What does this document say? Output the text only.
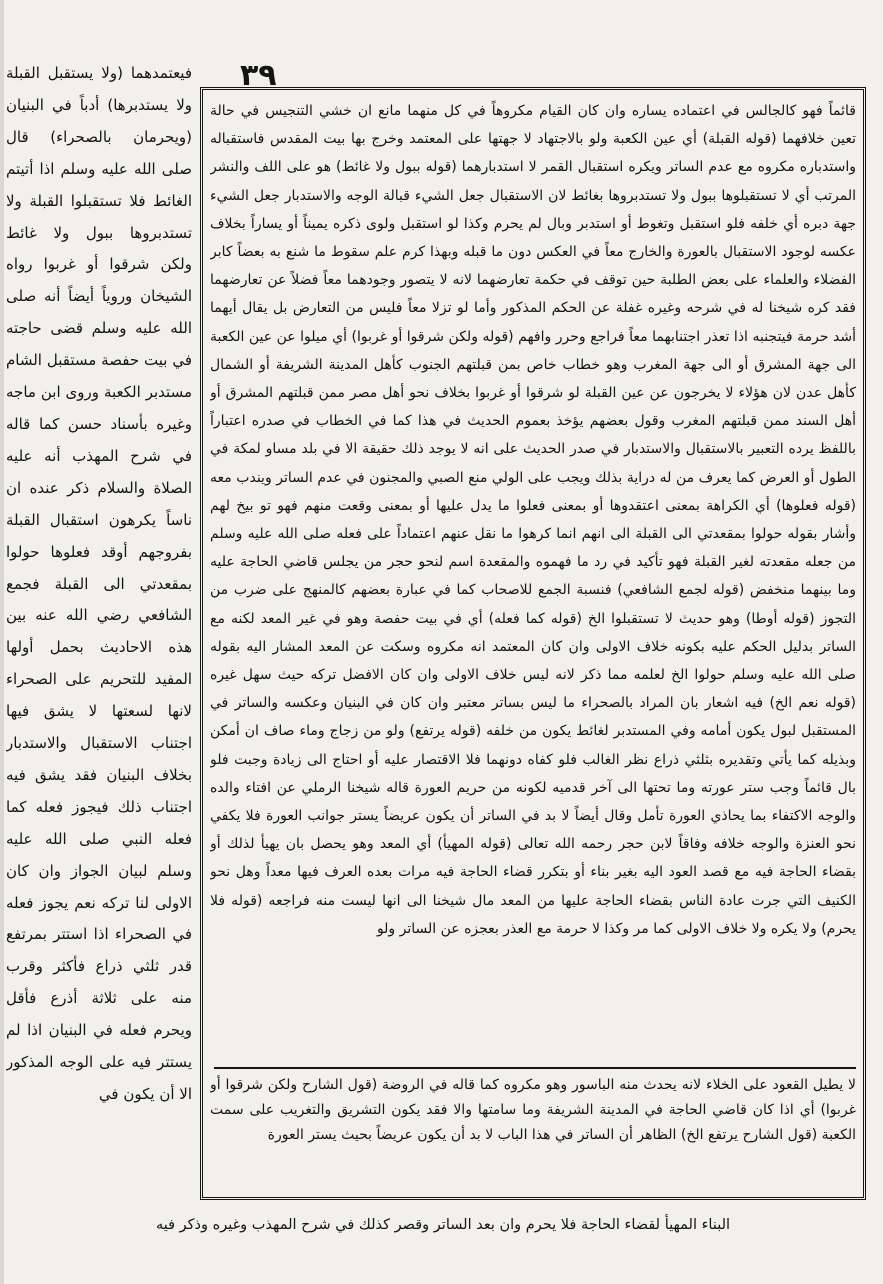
٣٩
قائماً فهو كالجالس في اعتماده يساره وان كان القيام مكروهاً في كل منهما مانع ان خشي التنجيس في حالة تعين خلافهما (قوله القبلة) أي عين الكعبة ولو بالاجتهاد لا جهتها على المعتمد وخرج بها بيت المقدس فاستقباله واستدباره مكروه مع عدم الساتر ويكره استقبال القمر لا استدبارهما (قوله ببول ولا غائط) هو على اللف والنشر المرتب أي لا تستقبلوها ببول ولا تستدبروها بغائط لان الاستقبال جعل الشيء قبالة الوجه والاستدبار جعل الشيء جهة دبره أي خلفه فلو استقبل وتغوط أو استدبر وبال لم يحرم وكذا لو استقبل ولوى ذكره يميناً أو يساراً بخلاف عكسه لوجود الاستقبال بالعورة والخارج معاً في العكس دون ما قبله وبهذا كرم علم سقوط ما شنع به بعضاً كابر الفضلاء والعلماء على بعض الطلبة حين توقف في حكمة تعارضهما لانه لا يتصور وجودهما معاً فضلاً عن تعارضهما فقد كره شيخنا له في شرحه وغيره غفلة عن الحكم المذكور وأما لو تزلا معاً فليس من التعارض بل يقال أيهما أشد حرمة فيتجنبه اذا تعذر اجتنابهما معاً فراجع وحرر وافهم (قوله ولكن شرقوا أو غربوا) أي ميلوا عن عين الكعبة الى جهة المشرق أو الى جهة المغرب وهو خطاب خاص بمن قبلتهم الجنوب كأهل المدينة الشريفة أو الشمال كأهل عدن لان هؤلاء لا يخرجون عن عين القبلة لو شرقوا أو غربوا بخلاف نحو أهل مصر ممن قبلتهم المشرق أو أهل السند ممن قبلتهم المغرب وقول بعضهم يؤخذ بعموم الحديث في هذا كما في الخطاب في صدره اعتباراً باللفظ يرده التعبير بالاستقبال والاستدبار في صدر الحديث على انه لا يوجد ذلك حقيقة الا في بلد مساو لمكة في الطول أو العرض كما يعرف من له دراية بذلك ويجب على الولي منع الصبي والمجنون في عدم الساتر ويندب معه (قوله فعلوها) أي الكراهة بمعنى اعتقدوها أو بمعنى فعلوا ما يدل عليها أو بمعنى وقعت منهم فهو تو بيخ لهم وأشار بقوله حولوا بمقعدتي الى القبلة الى انهم انما كرهوا ما نقل عنهم اعتماداً على فعله صلى الله عليه وسلم من جعله مقعدته لغير القبلة فهو تأكيد في رد ما فهموه والمقعدة اسم لنحو حجر من يجلس قاضي الحاجة عليه وما بينهما منخفض (قوله لجمع الشافعي) فنسبة الجمع للاصحاب كما في عبارة بعضهم كالمنهج على ضرب من التجوز (قوله أوطا) وهو حديث لا تستقبلوا الخ (قوله كما فعله) أي في بيت حفصة وهو في غير المعد لكنه مع الساتر بدليل الحكم عليه بكونه خلاف الاولى وان كان المعتمد انه مكروه وسكت عن المعد المشار اليه بقوله صلى الله عليه وسلم حولوا الخ لعلمه مما ذكر لانه ليس خلاف الاولى وان كان الافضل تركه حيث سهل غيره (قوله نعم الخ) فيه اشعار بان المراد بالصحراء ما ليس بساتر معتبر وان كان في البنيان وعكسه والساتر في المستقبل لبول يكون أمامه وفي المستدبر لغائط يكون من خلفه (قوله يرتفع) ولو من زجاج وماء صاف ان أمكن وبذيله كما يأتي وتقديره بثلثي ذراع نظر الغالب فلو كفاه دونهما فلا الاقتصار عليه أو احتاج الى زيادة وجبت فلو بال قائماً وجب ستر عورته وما تحتها الى آخر قدميه لكونه من حريم العورة قاله شيخنا الرملي عن افتاء والده والوجه الاكتفاء بما يحاذي العورة تأمل وقال أيضاً لا بد في الساتر أن يكون عريضاً يستر جوانب العورة فلا يكفي نحو العنزة والوجه خلافه وفاقاً لابن حجر رحمه الله تعالى (قوله المهيأ) أي المعد وهو يحصل بان يهيأ لذلك أو بقضاء الحاجة فيه مع قصد العود اليه بغير بناء أو بتكرر قضاء الحاجة فيه مرات بعده العرف فيها معداً وهل نحو الكنيف التي جرت عادة الناس بقضاء الحاجة عليها من المعد مال شيخنا الى انها ليست منه فراجعه (قوله فلا يحرم) ولا يكره ولا خلاف الاولى كما مر وكذا لا حرمة مع العذر بعجزه عن الساتر ولو
لا يطيل القعود على الخلاء لانه يحدث منه الباسور وهو مكروه كما قاله في الروضة (قول الشارح ولكن شرقوا أو غربوا) أي اذا كان قاضي الحاجة في المدينة الشريفة وما سامتها والا فقد يكون التشريق والتغريب على سمت الكعبة (قول الشارح يرتفع الخ) الظاهر أن الساتر في هذا الباب لا بد أن يكون عريضاً بحيث يستر العورة
فيعتمدهما (ولا يستقبل القبلة ولا يستدبرها) أدباً في البنيان (ويحرمان بالصحراء) قال صلى الله عليه وسلم اذا أتيتم الغائط فلا تستقبلوا القبلة ولا تستدبروها ببول ولا غائط ولكن شرقوا أو غربوا رواه الشيخان وروياً أيضاً أنه صلى الله عليه وسلم قضى حاجته في بيت حفصة مستقبل الشام مستدبر الكعبة وروى ابن ماجه وغيره بأسناد حسن كما قاله في شرح المهذب أنه عليه الصلاة والسلام ذكر عنده ان ناساً يكرهون استقبال القبلة بفروجهم أوقد فعلوها حولوا بمقعدتي الى القبلة فجمع الشافعي رضي الله عنه بين هذه الاحاديث بحمل أولها المفيد للتحريم على الصحراء لانها لسعتها لا يشق فيها اجتناب الاستقبال والاستدبار بخلاف البنيان فقد يشق فيه اجتناب ذلك فيجوز فعله كما فعله النبي صلى الله عليه وسلم لبيان الجواز وان كان الاولى لنا تركه نعم يجوز فعله في الصحراء اذا استتر بمرتفع قدر ثلثي ذراع فأكثر وقرب منه على ثلاثة أذرع فأقل ويحرم فعله في البنيان اذا لم يستتر فيه على الوجه المذكور الا أن يكون في
البناء المهيأ لقضاء الحاجة فلا يحرم وان بعد الساتر وقصر كذلك في شرح المهذب وغيره وذكر فيه
